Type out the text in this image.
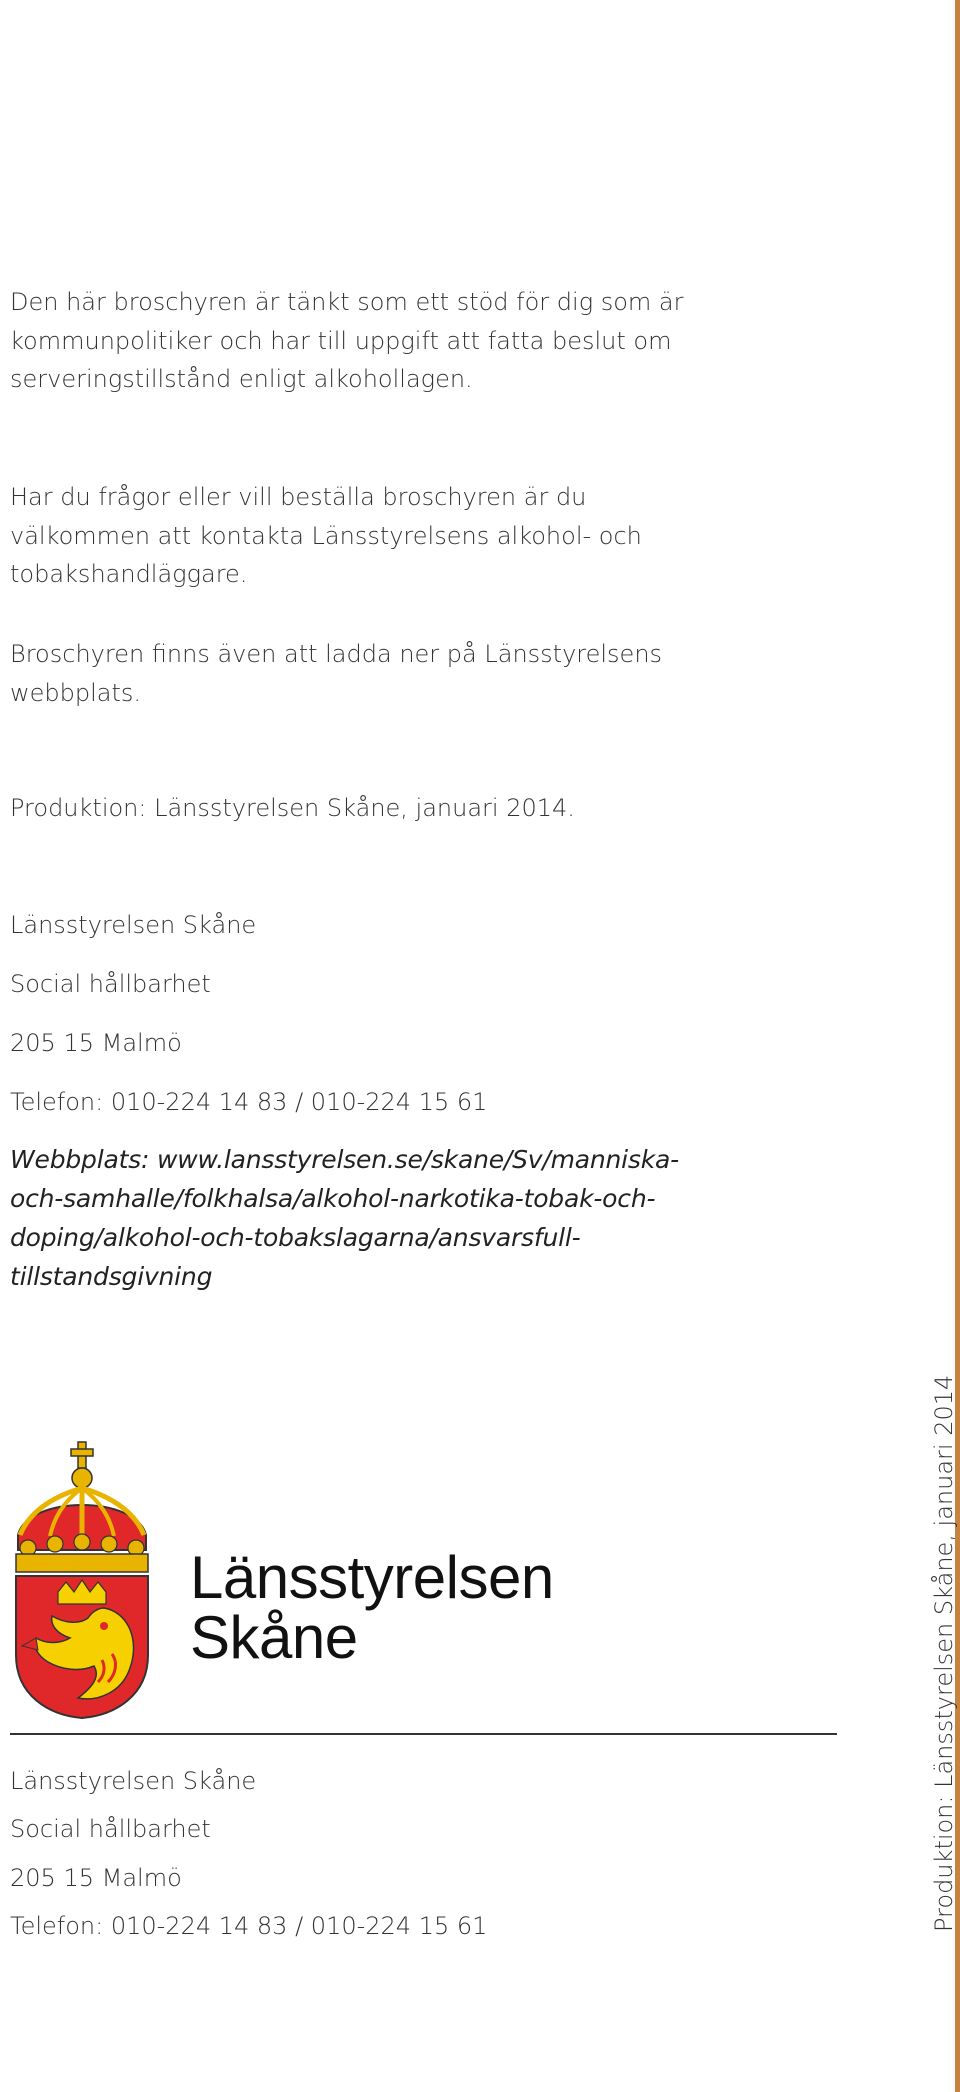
Den här broschyren är tänkt som ett stöd för dig som är kommunpolitiker och har till uppgift att fatta beslut om serveringstillstånd enligt alkohollagen.

Har du frågor eller vill beställa broschyren är du välkommen att kontakta Länsstyrelsens alkohol- och tobakshandläggare.

Broschyren finns även att ladda ner på Länsstyrelsens webbplats.

Produktion: Länsstyrelsen Skåne, januari 2014.

Länsstyrelsen Skåne

Social hållbarhet

205 15 Malmö

Telefon: 010-224 14 83 / 010-224 15 61

Webbplats: www.lansstyrelsen.se/skane/Sv/manniska-och-samhalle/folkhalsa/alkohol-narkotika-tobak-och-doping/alkohol-och-tobakslagarna/ansvarsfull-tillstandsgivning

Länsstyrelsen
Skåne

Länsstyrelsen Skåne

Social hållbarhet

205 15 Malmö

Telefon: 010-224 14 83 / 010-224 15 61	Produktion: Länsstyrelsen Skåne, januari 2014
